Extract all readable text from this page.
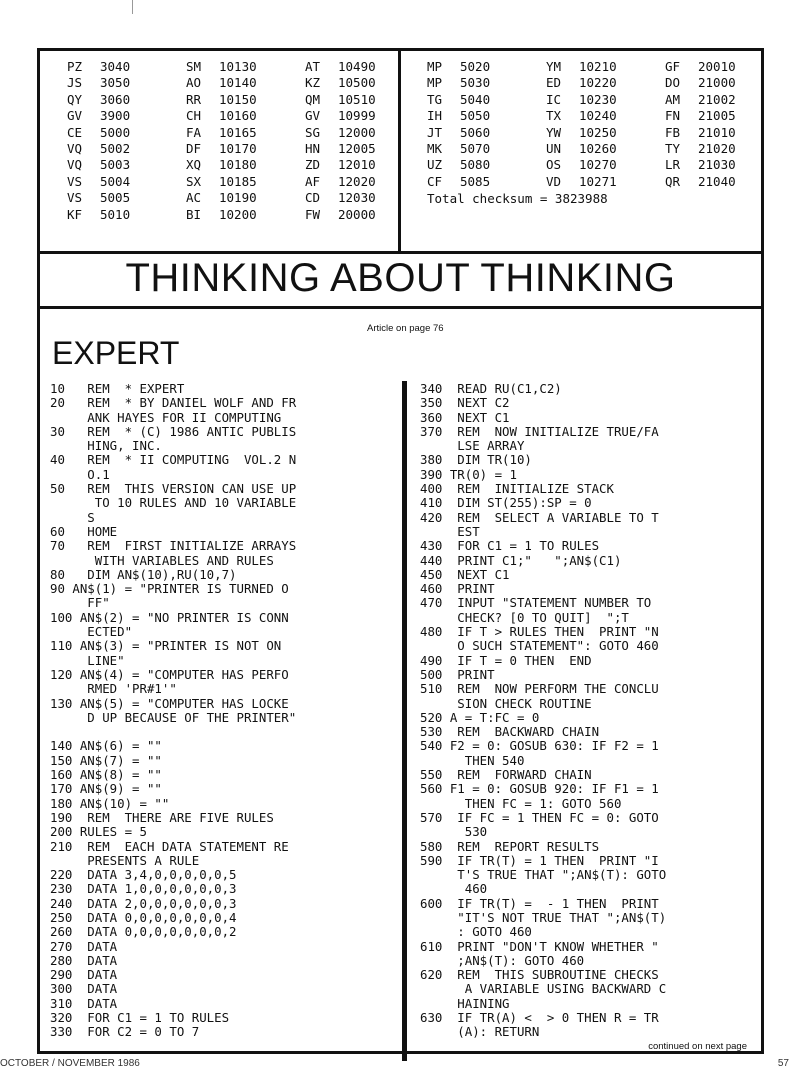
PZ	3040	SM	10130	AT	10490
JS	3050	AO	10140	KZ	10500
QY	3060	RR	10150	QM	10510
GV	3900	CH	10160	GV	10999
CE	5000	FA	10165	SG	12000
VQ	5002	DF	10170	HN	12005
VQ	5003	XQ	10180	ZD	12010
VS	5004	SX	10185	AF	12020
VS	5005	AC	10190	CD	12030
KF	5010	BI	10200	FW	20000
MP	5020	YM	10210	GF	20010
MP	5030	ED	10220	DO	21000
TG	5040	IC	10230	AM	21002
IH	5050	TX	10240	FN	21005
JT	5060	YW	10250	FB	21010
MK	5070	UN	10260	TY	21020
UZ	5080	OS	10270	LR	21030
CF	5085	VD	10271	QR	21040
Total checksum = 3823988
THINKING ABOUT THINKING
Article on page 76
EXPERT
10   REM  * EXPERT
20   REM  * BY DANIEL WOLF AND FR
ANK HAYES FOR II COMPUTING
30   REM  * (C) 1986 ANTIC PUBLIS
HING, INC.
40   REM  * II COMPUTING  VOL.2 N
O.1
50   REM  THIS VERSION CAN USE UP
TO 10 RULES AND 10 VARIABLE
S
60   HOME
70   REM  FIRST INITIALIZE ARRAYS
WITH VARIABLES AND RULES
80   DIM AN$(10),RU(10,7)
90 AN$(1) = "PRINTER IS TURNED O
FF"
100 AN$(2) = "NO PRINTER IS CONN
ECTED"
110 AN$(3) = "PRINTER IS NOT ON
LINE"
120 AN$(4) = "COMPUTER HAS PERFO
RMED 'PR#1'"
130 AN$(5) = "COMPUTER HAS LOCKE
D UP BECAUSE OF THE PRINTER"

140 AN$(6) = ""
150 AN$(7) = ""
160 AN$(8) = ""
170 AN$(9) = ""
180 AN$(10) = ""
190  REM  THERE ARE FIVE RULES
200 RULES = 5
210  REM  EACH DATA STATEMENT RE
PRESENTS A RULE
220  DATA 3,4,0,0,0,0,0,5
230  DATA 1,0,0,0,0,0,0,3
240  DATA 2,0,0,0,0,0,0,3
250  DATA 0,0,0,0,0,0,0,4
260  DATA 0,0,0,0,0,0,0,2
270  DATA
280  DATA
290  DATA
300  DATA
310  DATA
320  FOR C1 = 1 TO RULES
330  FOR C2 = 0 TO 7
340  READ RU(C1,C2)
350  NEXT C2
360  NEXT C1
370  REM  NOW INITIALIZE TRUE/FA
LSE ARRAY
380  DIM TR(10)
390 TR(0) = 1
400  REM  INITIALIZE STACK
410  DIM ST(255):SP = 0
420  REM  SELECT A VARIABLE TO T
EST
430  FOR C1 = 1 TO RULES
440  PRINT C1;"   ";AN$(C1)
450  NEXT C1
460  PRINT
470  INPUT "STATEMENT NUMBER TO
CHECK? [0 TO QUIT]  ";T
480  IF T > RULES THEN  PRINT "N
O SUCH STATEMENT": GOTO 460
490  IF T = 0 THEN  END
500  PRINT
510  REM  NOW PERFORM THE CONCLU
SION CHECK ROUTINE
520 A = T:FC = 0
530  REM  BACKWARD CHAIN
540 F2 = 0: GOSUB 630: IF F2 = 1
THEN 540
550  REM  FORWARD CHAIN
560 F1 = 0: GOSUB 920: IF F1 = 1
THEN FC = 1: GOTO 560
570  IF FC = 1 THEN FC = 0: GOTO
530
580  REM  REPORT RESULTS
590  IF TR(T) = 1 THEN  PRINT "I
T'S TRUE THAT ";AN$(T): GOTO
460
600  IF TR(T) =  - 1 THEN  PRINT
"IT'S NOT TRUE THAT ";AN$(T)
: GOTO 460
610  PRINT "DON'T KNOW WHETHER "
;AN$(T): GOTO 460
620  REM  THIS SUBROUTINE CHECKS
A VARIABLE USING BACKWARD C
HAINING
630  IF TR(A) <  > 0 THEN R = TR
(A): RETURN
continued on next page
OCTOBER / NOVEMBER 1986	57
